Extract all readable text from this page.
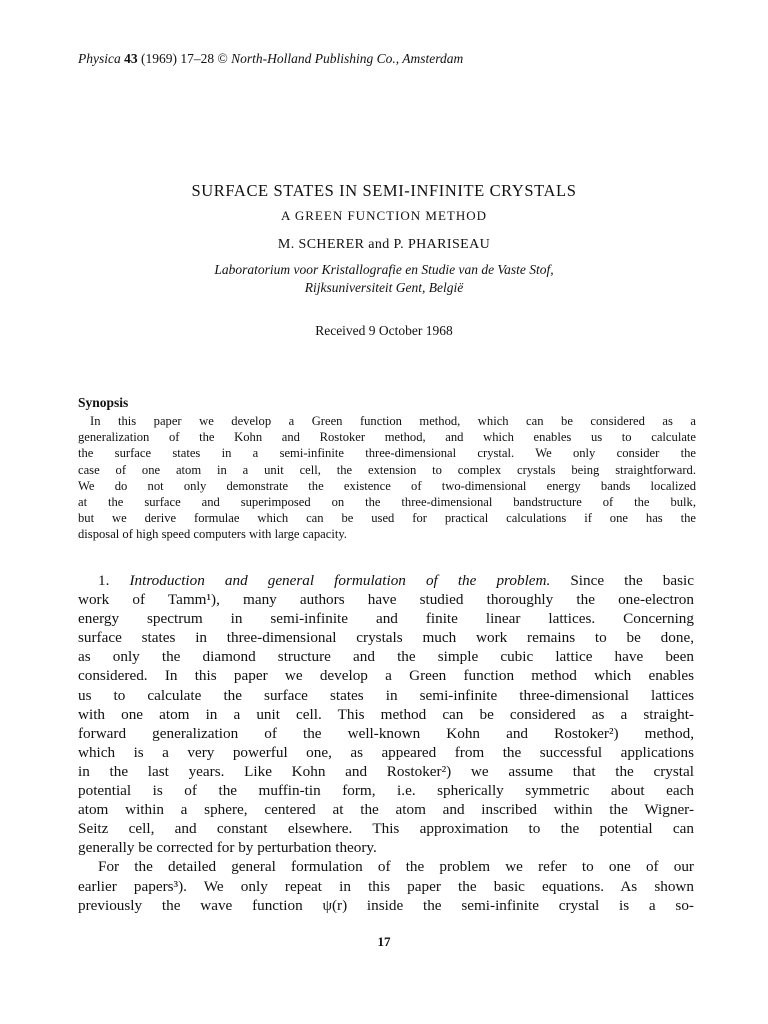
Physica 43 (1969) 17–28 © North-Holland Publishing Co., Amsterdam
SURFACE STATES IN SEMI-INFINITE CRYSTALS
A GREEN FUNCTION METHOD
M. SCHERER and P. PHARISEAU
Laboratorium voor Kristallografie en Studie van de Vaste Stof,
Rijksuniversiteit Gent, België
Received 9 October 1968
Synopsis
In this paper we develop a Green function method, which can be considered as a
generalization of the Kohn and Rostoker method, and which enables us to calculate
the surface states in a semi-infinite three-dimensional crystal. We only consider the
case of one atom in a unit cell, the extension to complex crystals being straightforward.
We do not only demonstrate the existence of two-dimensional energy bands localized
at the surface and superimposed on the three-dimensional bandstructure of the bulk,
but we derive formulae which can be used for practical calculations if one has the
disposal of high speed computers with large capacity.
1. Introduction and general formulation of the problem. Since the basic
work of Tamm¹), many authors have studied thoroughly the one-electron
energy spectrum in semi-infinite and finite linear lattices. Concerning
surface states in three-dimensional crystals much work remains to be done,
as only the diamond structure and the simple cubic lattice have been
considered. In this paper we develop a Green function method which enables
us to calculate the surface states in semi-infinite three-dimensional lattices
with one atom in a unit cell. This method can be considered as a straight-
forward generalization of the well-known Kohn and Rostoker²) method,
which is a very powerful one, as appeared from the successful applications
in the last years. Like Kohn and Rostoker²) we assume that the crystal
potential is of the muffin-tin form, i.e. spherically symmetric about each
atom within a sphere, centered at the atom and inscribed within the Wigner-
Seitz cell, and constant elsewhere. This approximation to the potential can
generally be corrected for by perturbation theory.
For the detailed general formulation of the problem we refer to one of our
earlier papers³). We only repeat in this paper the basic equations. As shown
previously the wave function ψ(r) inside the semi-infinite crystal is a so-
17
